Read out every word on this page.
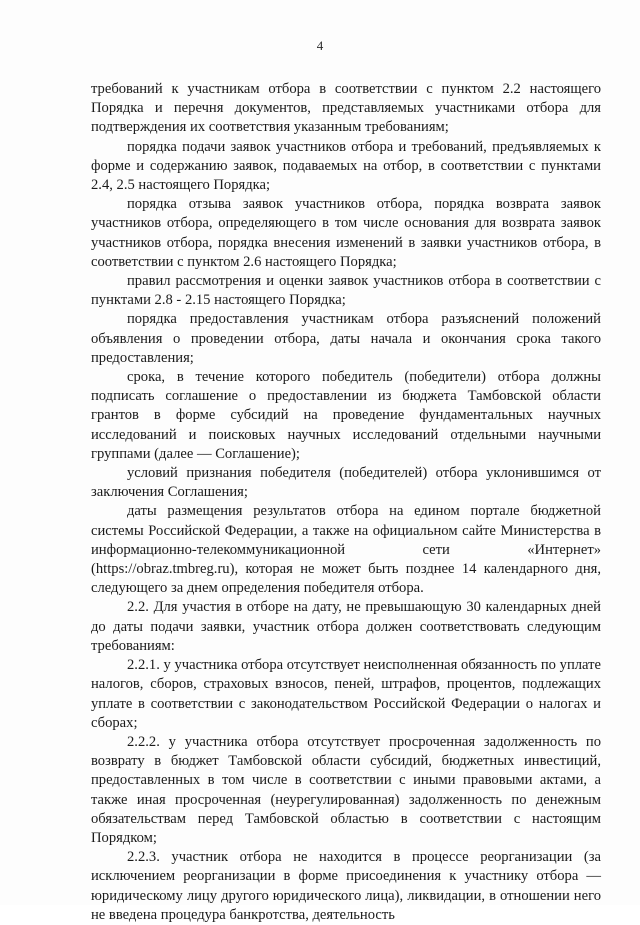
4

требований к участникам отбора в соответствии с пунктом 2.2 настоящего Порядка и перечня документов, представляемых участниками отбора для подтверждения их соответствия указанным требованиям;

порядка подачи заявок участников отбора и требований, предъявляемых к форме и содержанию заявок, подаваемых на отбор, в соответствии с пунктами 2.4, 2.5 настоящего Порядка;

порядка отзыва заявок участников отбора, порядка возврата заявок участников отбора, определяющего в том числе основания для возврата заявок участников отбора, порядка внесения изменений в заявки участников отбора, в соответствии с пунктом 2.6 настоящего Порядка;

правил рассмотрения и оценки заявок участников отбора в соответствии с пунктами 2.8 - 2.15 настоящего Порядка;

порядка предоставления участникам отбора разъяснений положений объявления о проведении отбора, даты начала и окончания срока такого предоставления;

срока, в течение которого победитель (победители) отбора должны подписать соглашение о предоставлении из бюджета Тамбовской области грантов в форме субсидий на проведение фундаментальных научных исследований и поисковых научных исследований отдельными научными группами (далее — Соглашение);

условий признания победителя (победителей) отбора уклонившимся от заключения Соглашения;

даты размещения результатов отбора на едином портале бюджетной системы Российской Федерации, а также на официальном сайте Министерства в информационно-телекоммуникационной сети «Интернет» (https://obraz.tmbreg.ru), которая не может быть позднее 14 календарного дня, следующего за днем определения победителя отбора.

2.2. Для участия в отборе на дату, не превышающую 30 календарных дней до даты подачи заявки, участник отбора должен соответствовать следующим требованиям:

2.2.1. у участника отбора отсутствует неисполненная обязанность по уплате налогов, сборов, страховых взносов, пеней, штрафов, процентов, подлежащих уплате в соответствии с законодательством Российской Федерации о налогах и сборах;

2.2.2. у участника отбора отсутствует просроченная задолженность по возврату в бюджет Тамбовской области субсидий, бюджетных инвестиций, предоставленных в том числе в соответствии с иными правовыми актами, а также иная просроченная (неурегулированная) задолженность по денежным обязательствам перед Тамбовской областью в соответствии с настоящим Порядком;

2.2.3. участник отбора не находится в процессе реорганизации (за исключением реорганизации в форме присоединения к участнику отбора — юридическому лицу другого юридического лица), ликвидации, в отношении него не введена процедура банкротства, деятельность
